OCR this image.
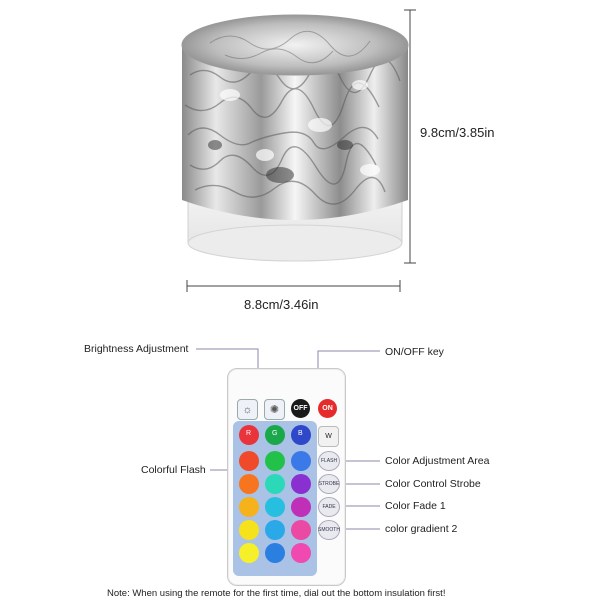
9.8cm/3.85in
8.8cm/3.46in
Brightness Adjustment	ON/OFF key
Colorful Flash
Color Adjustment Area
Color Control Strobe
Color Fade 1
color gradient 2
☼ ✺	OFF	ON
R	G	B	W
FLASH
STROBE
FADE
SMOOTH
Note: When using the remote for the first time, dial out the bottom insulation first!
